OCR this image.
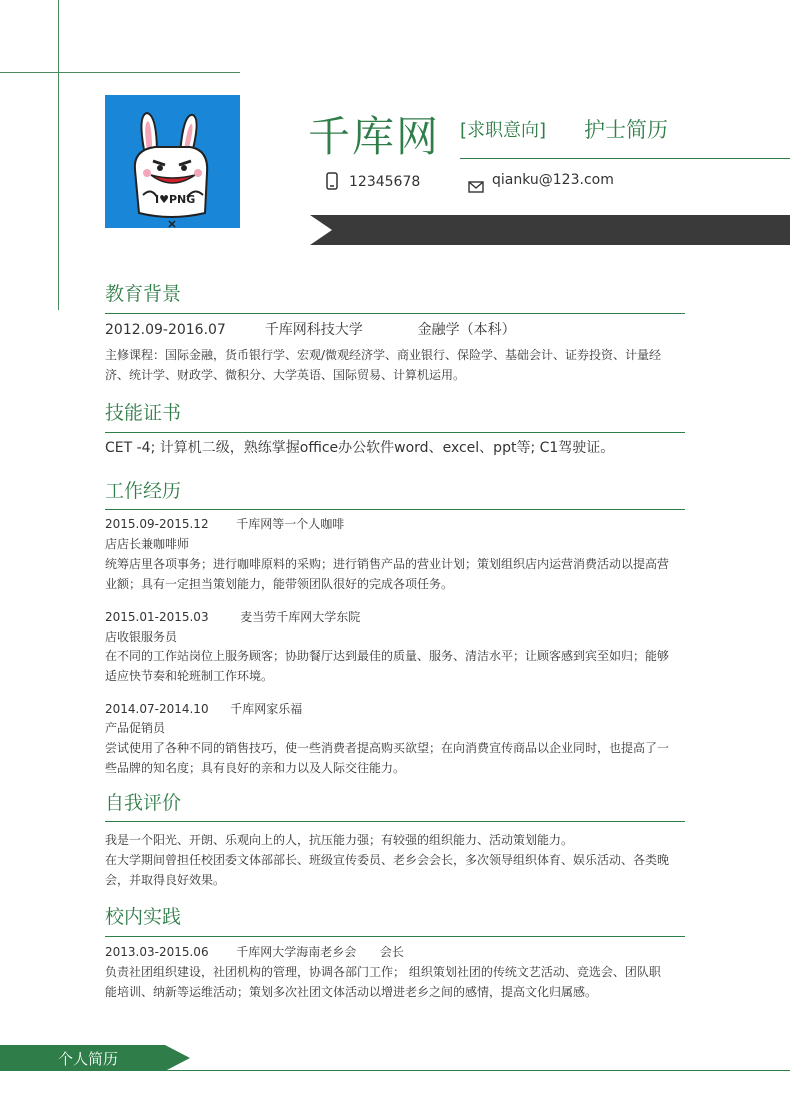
I♥PNG
千库网 [求职意向] 护士简历
12345678	qianku@123.com
教育背景
2012.09-2016.07	千库网科技大学	金融学（本科）
主修课程：国际金融，货币银行学、宏观/微观经济学、商业银行、保险学、基础会计、证券投资、计量经济、统计学、财政学、微积分、大学英语、国际贸易、计算机运用。
技能证书
CET -4; 计算机二级，熟练掌握office办公软件word、excel、ppt等; C1驾驶证。
工作经历
2015.09-2015.12 千库网等一个人咖啡
店店长兼咖啡师
统筹店里各项事务；进行咖啡原料的采购；进行销售产品的营业计划；策划组织店内运营消费活动以提高营业额；具有一定担当策划能力，能带领团队很好的完成各项任务。
2015.01-2015.03	麦当劳千库网大学东院
店收银服务员
在不同的工作站岗位上服务顾客；协助餐厅达到最佳的质量、服务、清洁水平；让顾客感到宾至如归；能够适应快节奏和轮班制工作环境。
2014.07-2014.10 千库网家乐福
产品促销员
尝试使用了各种不同的销售技巧，使一些消费者提高购买欲望；在向消费宣传商品以企业同时，也提高了一些品牌的知名度；具有良好的亲和力以及人际交往能力。
自我评价
我是一个阳光、开朗、乐观向上的人，抗压能力强；有较强的组织能力、活动策划能力。
在大学期间曾担任校团委文体部部长、班级宣传委员、老乡会会长，多次领导组织体育、娱乐活动、各类晚会，并取得良好效果。
校内实践
2013.03-2015.06 千库网大学海南老乡会 会长
负责社团组织建设，社团机构的管理，协调各部门工作； 组织策划社团的传统文艺活动、竞选会、团队职能培训、纳新等运维活动；策划多次社团文体活动以增进老乡之间的感情，提高文化归属感。
个人简历
